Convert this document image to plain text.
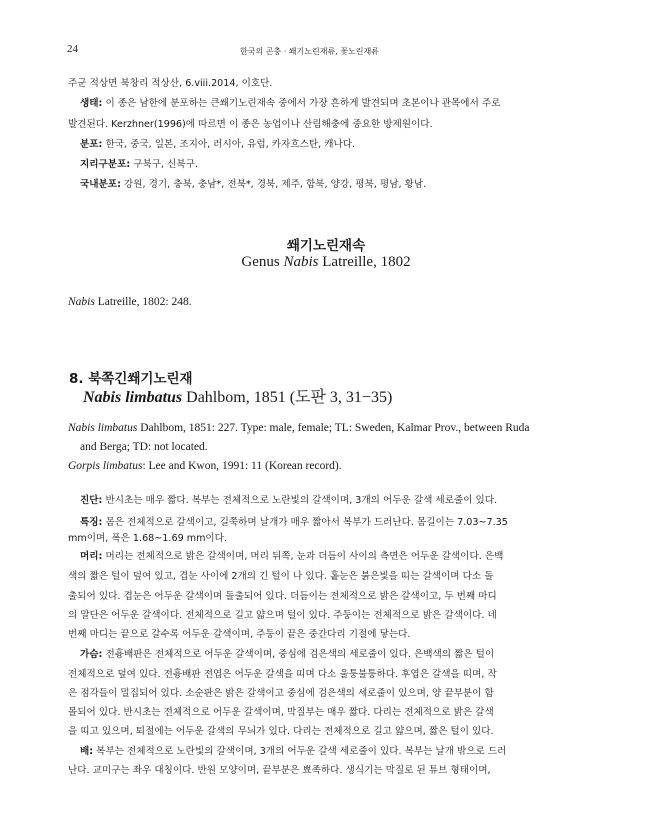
24	한국의 곤충 · 쐐기노린재류, 꽃노린재류
주군 적상면 북창리 적상산, 6.viii.2014, 이호단.
생태: 이 종은 남한에 분포하는 큰쐐기노린재속 중에서 가장 흔하게 발견되며 초본이나 관목에서 주로
발견된다. Kerzhner(1996)에 따르면 이 종은 농업이나 산림해충에 중요한 방제원이다.
분포: 한국, 중국, 일본, 조지아, 러시아, 유럽, 카자흐스탄, 캐나다.
지리구분포: 구북구, 신북구.
국내분포: 강원, 경기, 충북, 충남*, 전북*, 경북, 제주, 함북, 양강, 평북, 평남, 황남.
쐐기노린재속
Genus Nabis Latreille, 1802
Nabis Latreille, 1802: 248.
8. 북쪽긴쐐기노린재
Nabis limbatus Dahlbom, 1851 (도판 3, 31−35)
Nabis limbatus Dahlbom, 1851: 227. Type: male, female; TL: Sweden, Kalmar Prov., between Ruda
and Berga; TD: not located.
Gorpis limbatus: Lee and Kwon, 1991: 11 (Korean record).
진단: 반시초는 매우 짧다. 복부는 전체적으로 노란빛의 갈색이며, 3개의 어두운 갈색 세로줄이 있다.
특징: 몸은 전체적으로 갈색이고, 길쭉하며 날개가 매우 짧아서 복부가 드러난다. 몸길이는 7.03~7.35
mm이며, 폭은 1.68~1.69 mm이다.
머리: 머리는 전체적으로 밝은 갈색이며, 머리 뒤쪽, 눈과 더듬이 사이의 측면은 어두운 갈색이다. 은백
색의 짧은 털이 덮여 있고, 겹눈 사이에 2개의 긴 털이 나 있다. 홑눈은 붉은빛을 띠는 갈색이며 다소 돌
출되어 있다. 겹눈은 어두운 갈색이며 돌출되어 있다. 더듬이는 전체적으로 밝은 갈색이고, 두 번째 마디
의 말단은 어두운 갈색이다. 전체적으로 길고 얇으며 털이 있다. 주둥이는 전체적으로 밝은 갈색이다. 네
번째 마디는 끝으로 갈수록 어두운 갈색이며, 주둥이 끝은 중간다리 기절에 닿는다.
가슴: 전흉배판은 전체적으로 어두운 갈색이며, 중심에 검은색의 세로줄이 있다. 은백색의 짧은 털이
전체적으로 덮여 있다. 전흉배판 전엽은 어두운 갈색을 띠며 다소 울퉁불퉁하다. 후엽은 갈색을 띠며, 작
은 점각들이 밀집되어 있다. 소순판은 밝은 갈색이고 중심에 검은색의 세로줄이 있으며, 양 끝부분이 함
몰되어 있다. 반시초는 전체적으로 어두운 갈색이며, 막질부는 매우 짧다. 다리는 전체적으로 밝은 갈색
을 띠고 있으며, 퇴절에는 어두운 갈색의 무늬가 있다. 다리는 전체적으로 길고 얇으며, 짧은 털이 있다.
배: 복부는 전체적으로 노란빛의 갈색이며, 3개의 어두운 갈색 세로줄이 있다. 복부는 날개 밖으로 드러
난다. 교미구는 좌우 대칭이다. 반원 모양이며, 끝부분은 뾰족하다. 생식기는 막질로 된 튜브 형태이며,
